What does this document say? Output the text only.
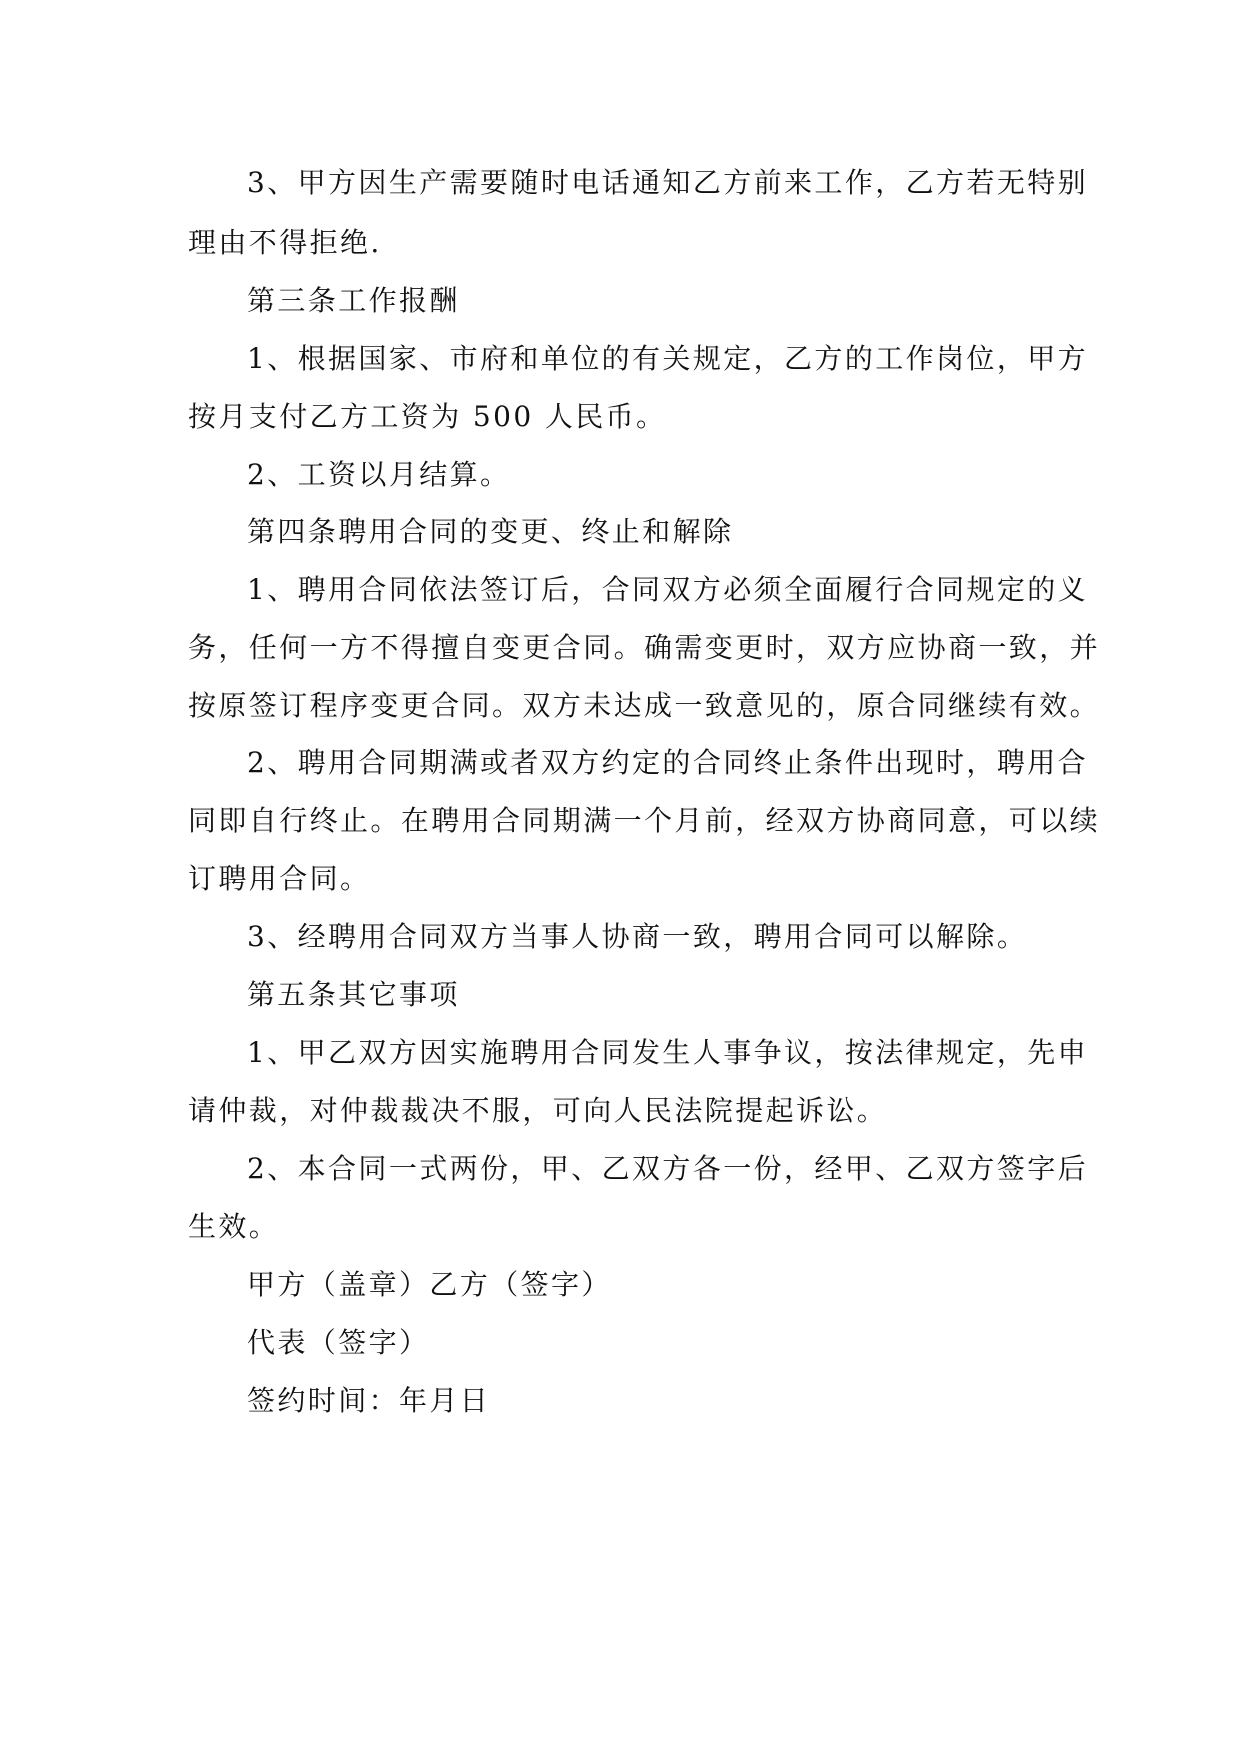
3、甲方因生产需要随时电话通知乙方前来工作，乙方若无特别
理由不得拒绝.
第三条工作报酬
1、根据国家、市府和单位的有关规定，乙方的工作岗位，甲方
按月支付乙方工资为 500 人民币。
2、工资以月结算。
第四条聘用合同的变更、终止和解除
1、聘用合同依法签订后，合同双方必须全面履行合同规定的义
务，任何一方不得擅自变更合同。确需变更时，双方应协商一致，并
按原签订程序变更合同。双方未达成一致意见的，原合同继续有效。
2、聘用合同期满或者双方约定的合同终止条件出现时，聘用合
同即自行终止。在聘用合同期满一个月前，经双方协商同意，可以续
订聘用合同。
3、经聘用合同双方当事人协商一致，聘用合同可以解除。
第五条其它事项
1、甲乙双方因实施聘用合同发生人事争议，按法律规定，先申
请仲裁，对仲裁裁决不服，可向人民法院提起诉讼。
2、本合同一式两份，甲、乙双方各一份，经甲、乙双方签字后
生效。
甲方（盖章）乙方（签字）
代表（签字）
签约时间：年月日
